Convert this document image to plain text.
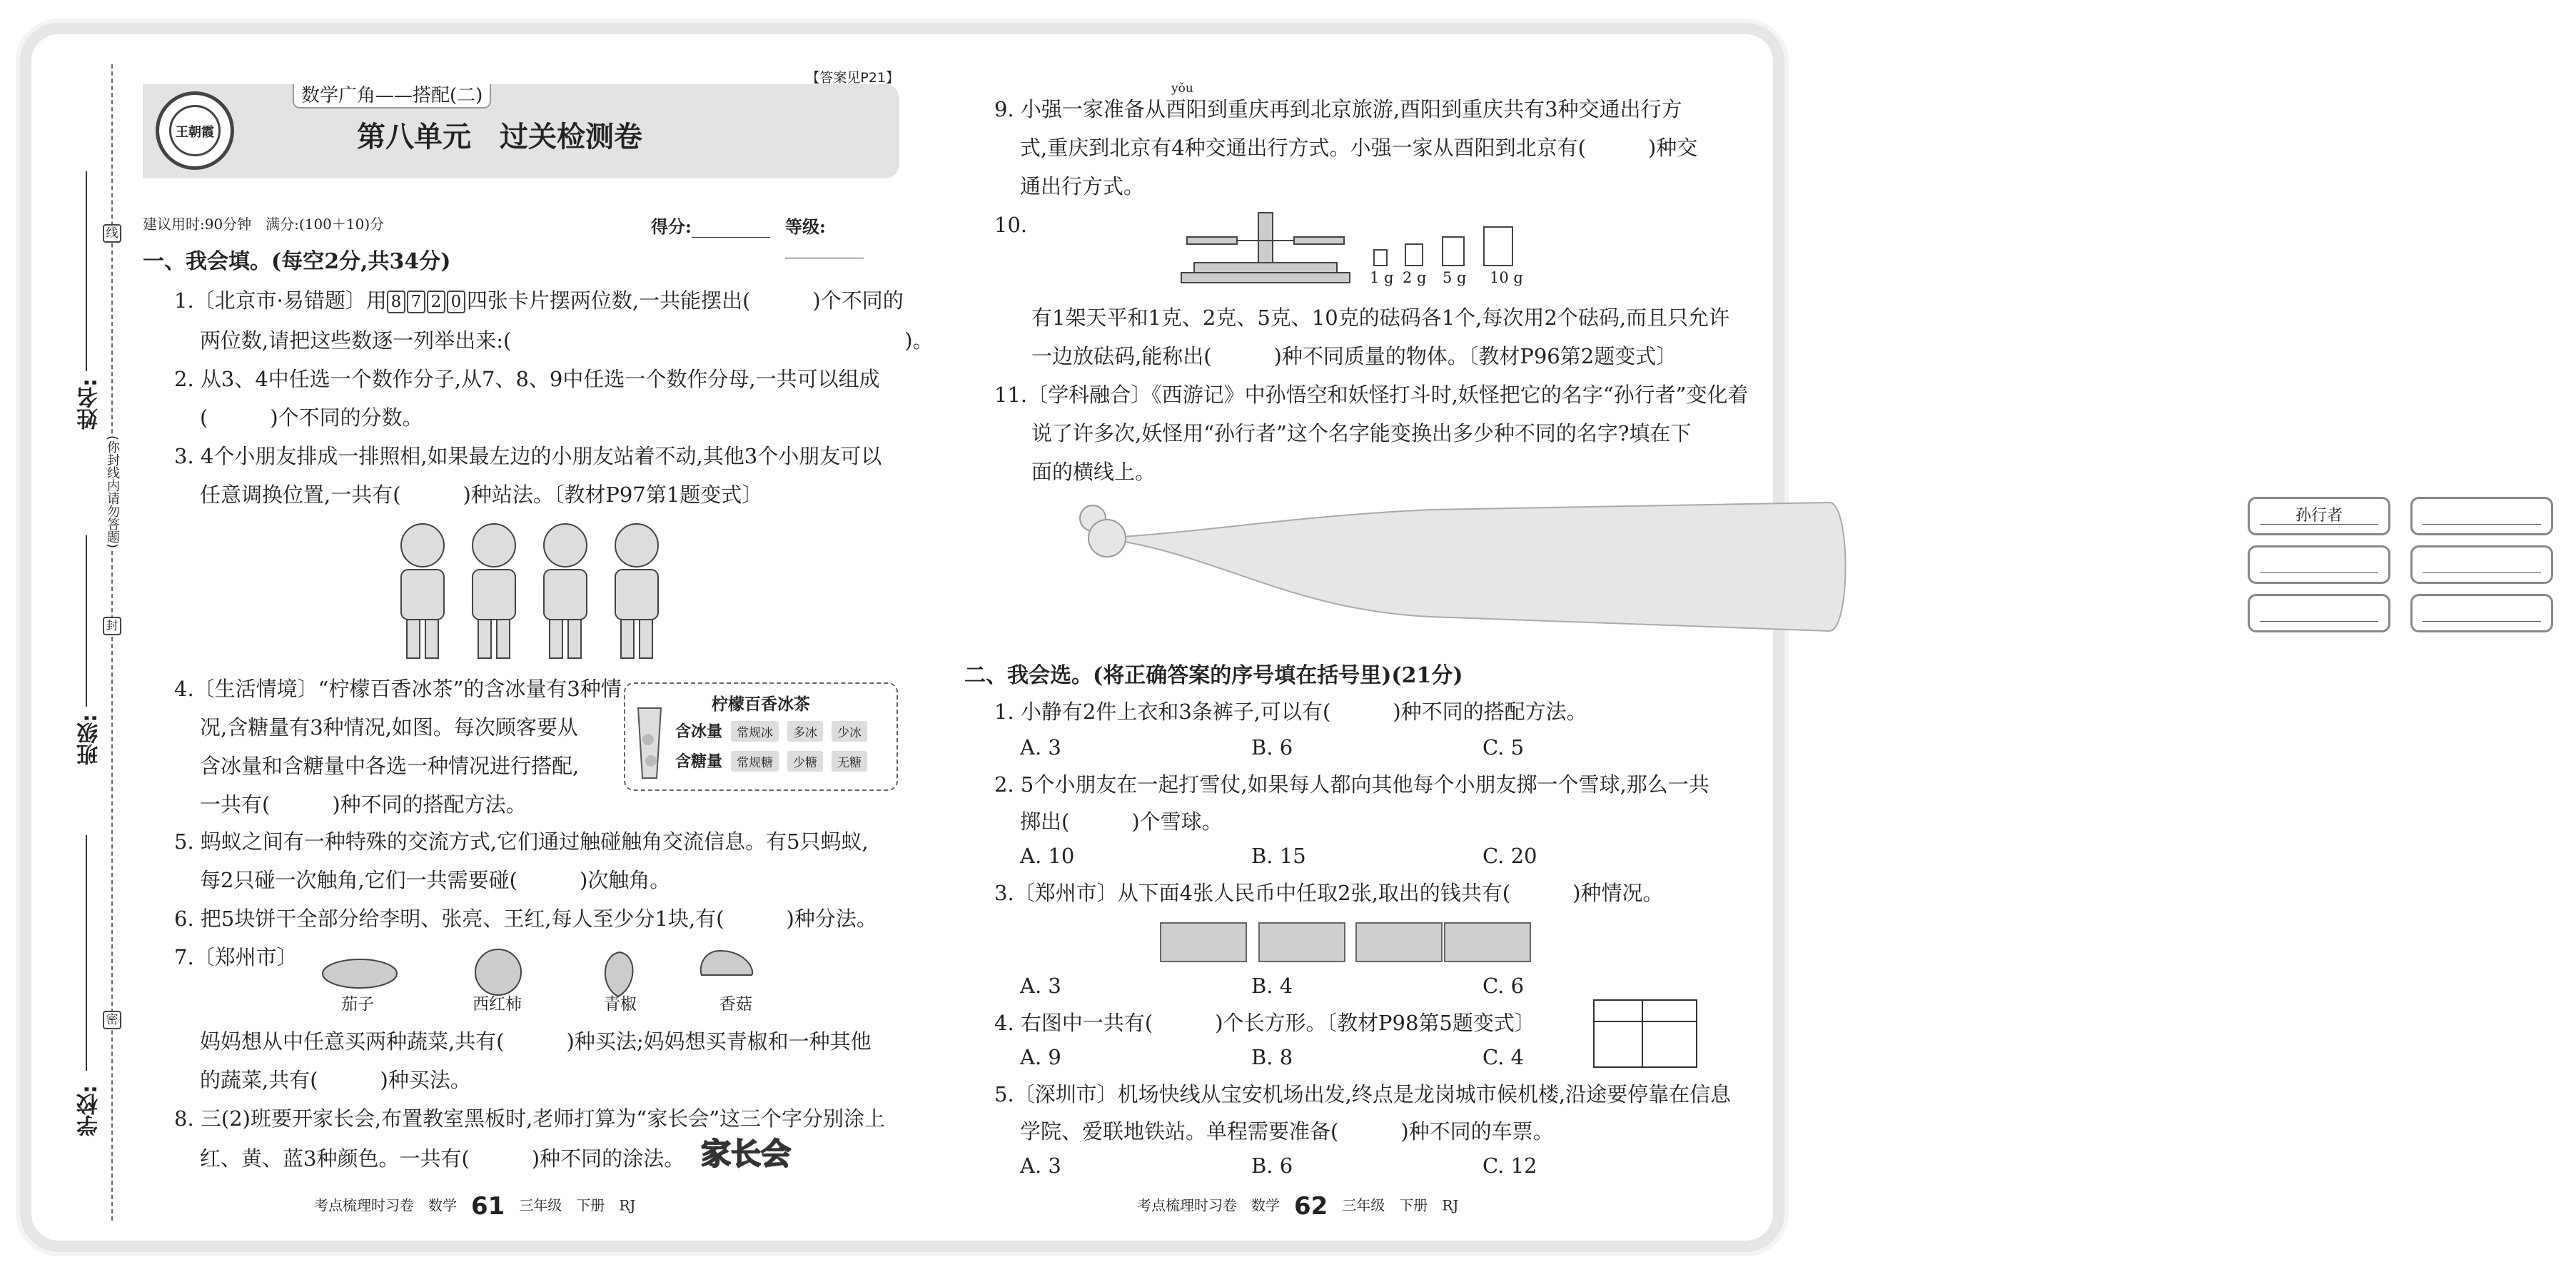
线
封
密
姓名:
班级:
学校:
(你封线内请勿答题)
数学广角——搭配(二)
第八单元　过关检测卷
【答案见P21】
王朝霞
建议用时:90分钟　满分:(100＋10)分	得分:	等级:
一、我会填。(每空2分,共34分)
1.〔北京市·易错题〕用 8 7 2 0 四张卡片摆两位数,一共能摆出(　　　)个不同的
两位数,请把这些数逐一列举出来:(　　　　　　　　　　　　　　　　　　　)。
2. 从3、4中任选一个数作分子,从7、8、9中任选一个数作分母,一共可以组成
(　　　)个不同的分数。
3. 4个小朋友排成一排照相,如果最左边的小朋友站着不动,其他3个小朋友可以
任意调换位置,一共有(　　　)种站法。〔教材P97第1题变式〕
4.〔生活情境〕“柠檬百香冰茶”的含冰量有3种情
况,含糖量有3种情况,如图。每次顾客要从
含冰量和含糖量中各选一种情况进行搭配,
一共有(　　　)种不同的搭配方法。
柠檬百香冰茶
含冰量 常规冰 多冰 少冰
含糖量 常规糖 少糖 无糖
5. 蚂蚁之间有一种特殊的交流方式,它们通过触碰触角交流信息。有5只蚂蚁,
每2只碰一次触角,它们一共需要碰(　　　)次触角。
6. 把5块饼干全部分给李明、张亮、王红,每人至少分1块,有(　　　)种分法。
7.〔郑州市〕
茄子	西红柿	青椒	香菇
妈妈想从中任意买两种蔬菜,共有(　　　)种买法;妈妈想买青椒和一种其他
的蔬菜,共有(　　　)种买法。
8. 三(2)班要开家长会,布置教室黑板时,老师打算为“家长会”这三个字分别涂上
红、黄、蓝3种颜色。一共有(　　　)种不同的涂法。 家长会
考点梳理时习卷　数学　 61　 三年级　下册　RJ
yǒu
9. 小强一家准备从酉阳到重庆再到北京旅游,酉阳到重庆共有3种交通出行方
式,重庆到北京有4种交通出行方式。小强一家从酉阳到北京有(　　　)种交
通出行方式。
10.
1 g 2 g 5 g 10 g
有1架天平和1克、2克、5克、10克的砝码各1个,每次用2个砝码,而且只允许
一边放砝码,能称出(　　　)种不同质量的物体。〔教材P96第2题变式〕
11.〔学科融合〕《西游记》中孙悟空和妖怪打斗时,妖怪把它的名字“孙行者”变化着
说了许多次,妖怪用“孙行者”这个名字能变换出多少种不同的名字?填在下
面的横线上。
孙行者
二、我会选。(将正确答案的序号填在括号里)(21分)
1. 小静有2件上衣和3条裤子,可以有(　　　)种不同的搭配方法。
A. 3	B. 6	C. 5
2. 5个小朋友在一起打雪仗,如果每人都向其他每个小朋友掷一个雪球,那么一共
掷出(　　　)个雪球。
A. 10	B. 15	C. 20
3.〔郑州市〕从下面4张人民币中任取2张,取出的钱共有(　　　)种情况。
A. 3	B. 4	C. 6
4. 右图中一共有(　　　)个长方形。〔教材P98第5题变式〕
A. 9	B. 8	C. 4
5.〔深圳市〕机场快线从宝安机场出发,终点是龙岗城市候机楼,沿途要停靠在信息
学院、爱联地铁站。单程需要准备(　　　)种不同的车票。
A. 3	B. 6	C. 12
考点梳理时习卷　数学　 62　 三年级　下册　RJ
